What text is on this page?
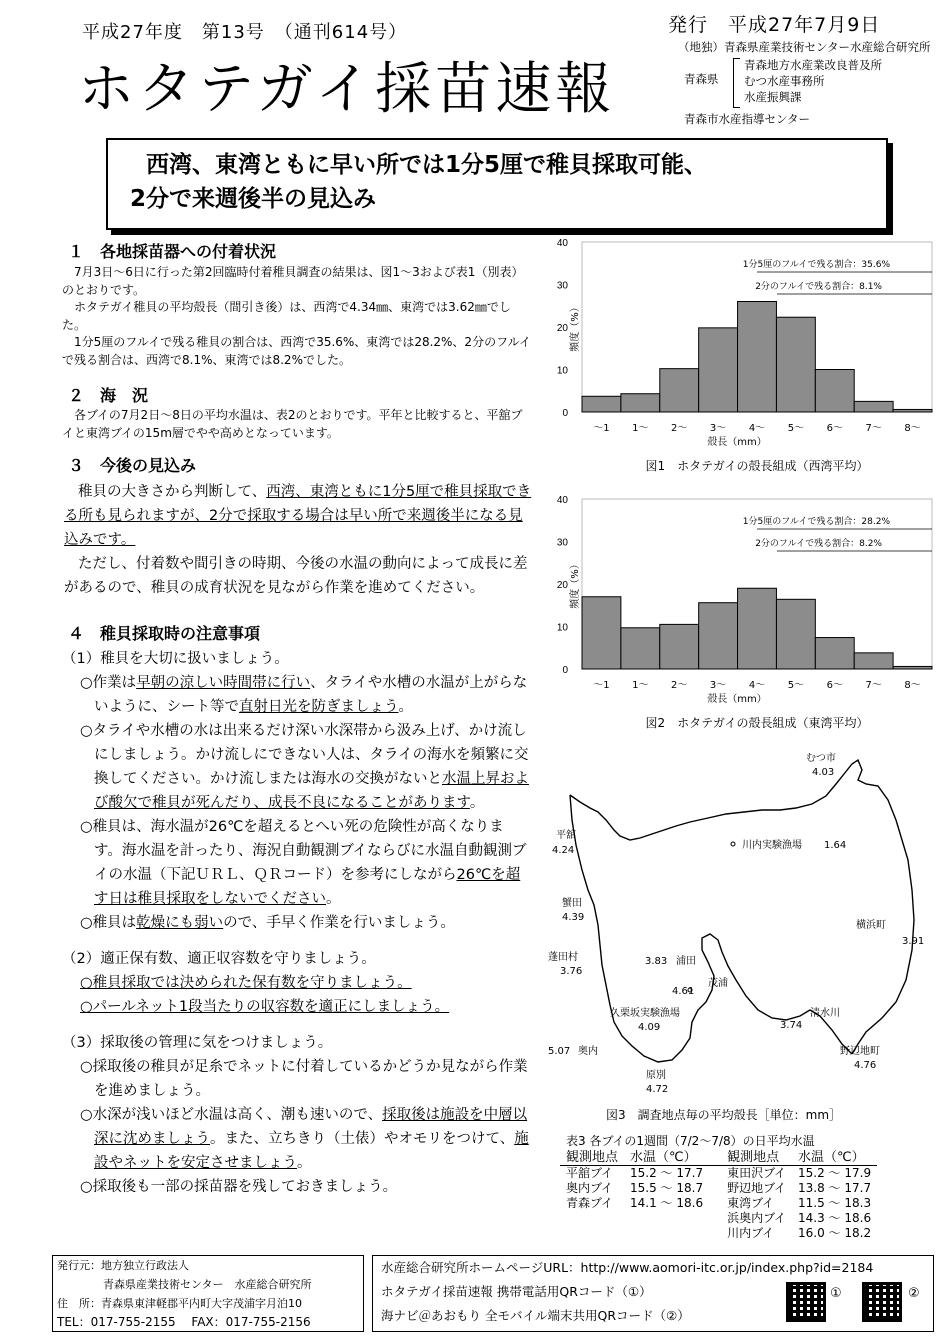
平成27年度　第13号　（通刊614号）
ホタテガイ採苗速報
発行　平成27年7月9日
（地独）青森県産業技術センター水産総合研究所
青森県
青森地方水産業改良普及所
むつ水産事務所
水産振興課
青森市水産指導センター
西湾、東湾ともに早い所では1分5厘で稚貝採取可能、
2分で来週後半の見込み
１　各地採苗器への付着状況
7月3日～6日に行った第2回臨時付着稚貝調査の結果は、図1～3および表1（別表）のとおりです。
ホタテガイ稚貝の平均殻長（間引き後）は、西湾で4.34㎜、東湾では3.62㎜でした。
1分5厘のフルイで残る稚貝の割合は、西湾で35.6%、東湾では28.2%、2分のフルイで残る割合は、西湾で8.1%、東湾では8.2%でした。
２　海　況
各ブイの7月2日～8日の平均水温は、表2のとおりです。平年と比較すると、平舘ブイと東湾ブイの15m層でやや高めとなっています。
３　今後の見込み
稚貝の大きさから判断して、西湾、東湾ともに1分5厘で稚貝採取できる所も見られますが、2分で採取する場合は早い所で来週後半になる見込みです。
ただし、付着数や間引きの時期、今後の水温の動向によって成長に差があるので、稚貝の成育状況を見ながら作業を進めてください。
４　稚貝採取時の注意事項
（1）稚貝を大切に扱いましょう。
○作業は早朝の涼しい時間帯に行い、タライや水槽の水温が上がらないように、シート等で直射日光を防ぎましょう。
○タライや水槽の水は出来るだけ深い水深帯から汲み上げ、かけ流しにしましょう。かけ流しにできない人は、タライの海水を頻繁に交換してください。かけ流しまたは海水の交換がないと水温上昇および酸欠で稚貝が死んだり、成長不良になることがあります。
○稚貝は、海水温が26℃を超えるとへい死の危険性が高くなります。海水温を計ったり、海況自動観測ブイならびに水温自動観測ブイの水温（下記ＵＲＬ、ＱＲコード）を参考にしながら26℃を超す日は稚貝採取をしないでください。
○稚貝は乾燥にも弱いので、手早く作業を行いましょう。
（2）適正保有数、適正収容数を守りましょう。
○稚貝採取では決められた保有数を守りましょう。
○パールネット1段当たりの収容数を適正にしましょう。
（3）採取後の管理に気をつけましょう。
○採取後の稚貝が足糸でネットに付着しているかどうか見ながら作業を進めましょう。
○水深が浅いほど水温は高く、潮も速いので、採取後は施設を中層以深に沈めましょう。また、立ちきり（土俵）やオモリをつけて、施設やネットを安定させましょう。
○採取後も一部の採苗器を残しておきましょう。
0
10
20
30
40
頻度（%）
～1 1～ 2～ 3～ 4～ 5～ 6～ 7～ 8～
殻長（mm）
1分5厘のフルイで残る割合：35.6%
2分のフルイで残る割合：8.1%
図1　ホタテガイの殻長組成（西湾平均）
0
10
20
30
40
頻度（%）
～1 1～ 2～ 3～ 4～ 5～ 6～ 7～ 8～
殻長（mm）
1分5厘のフルイで残る割合：28.2%
2分のフルイで残る割合：8.2%
図2　ホタテガイの殻長組成（東湾平均）
むつ市
4.03
川内実験漁場 1.64
平舘
4.24
蟹田
4.39
横浜町
3.91
蓬田村
3.76
浦田
3.83
茂浦
4.61
清水川
3.74
久栗坂実験漁場
4.09
奥内
5.07	野辺地町
4.76
原別
4.72
図3　調査地点毎の平均殻長［単位：mm］
表3 各ブイの1週間（7/2～7/8）の日平均水温
観測地点	水温（℃）	観測地点	水温（℃）
平舘ブイ	15.2 ～ 17.7	東田沢ブイ	15.2 ～ 17.9
奥内ブイ	15.5 ～ 18.7	野辺地ブイ	13.8 ～ 17.7
青森ブイ	14.1 ～ 18.6	東湾ブイ	11.5 ～ 18.3
		浜奥内ブイ	14.3 ～ 18.6
		川内ブイ	16.0 ～ 18.2
発行元：地方独立行政法人
青森県産業技術センター　水産総合研究所
住　所：青森県東津軽郡平内町大字茂浦字月泊10
TEL：017-755-2155　 FAX：017-755-2156
水産総合研究所ホームページURL：http://www.aomori-itc.or.jp/index.php?id=2184
ホタテガイ採苗速報 携帯電話用QRコード（①）
海ナビ＠あおもり 全モバイル端末共用QRコード（②）
①	②
